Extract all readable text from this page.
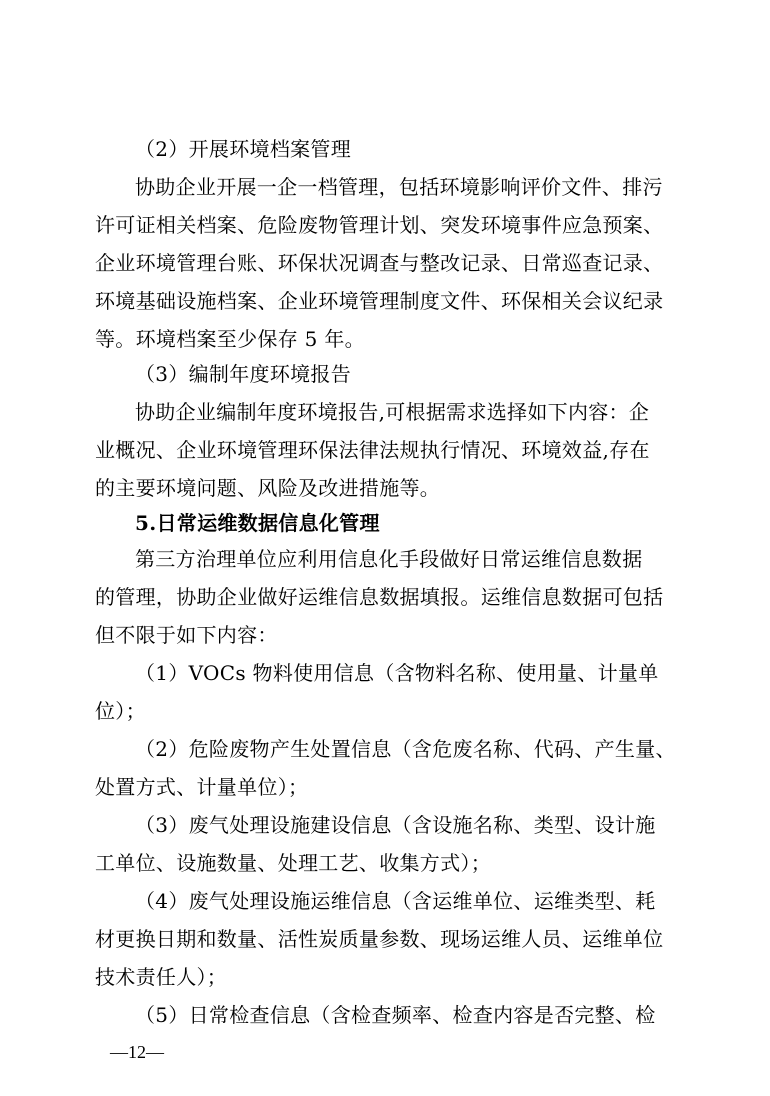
（2）开展环境档案管理
协助企业开展一企一档管理，包括环境影响评价文件、排污
许可证相关档案、危险废物管理计划、突发环境事件应急预案、
企业环境管理台账、环保状况调查与整改记录、日常巡查记录、
环境基础设施档案、企业环境管理制度文件、环保相关会议纪录
等。环境档案至少保存 5 年。
（3）编制年度环境报告
协助企业编制年度环境报告,可根据需求选择如下内容：企
业概况、企业环境管理环保法律法规执行情况、环境效益,存在
的主要环境问题、风险及改进措施等。
5.日常运维数据信息化管理
第三方治理单位应利用信息化手段做好日常运维信息数据
的管理，协助企业做好运维信息数据填报。运维信息数据可包括
但不限于如下内容：
（1）VOCs 物料使用信息（含物料名称、使用量、计量单
位）；
（2）危险废物产生处置信息（含危废名称、代码、产生量、
处置方式、计量单位）；
（3）废气处理设施建设信息（含设施名称、类型、设计施
工单位、设施数量、处理工艺、收集方式）；
（4）废气处理设施运维信息（含运维单位、运维类型、耗
材更换日期和数量、活性炭质量参数、现场运维人员、运维单位
技术责任人）；
（5）日常检查信息（含检查频率、检查内容是否完整、检
—12—
